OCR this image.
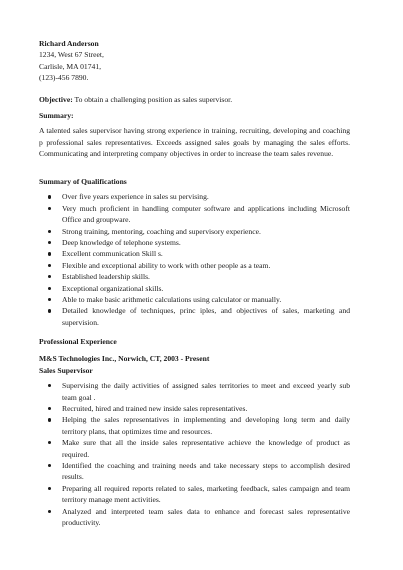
Richard Anderson

1234, West 67 Street,

Carlisle, MA 01741,

(123)-456 7890.

Objective: To obtain a challenging position as sales supervisor.

Summary:

A talented sales supervisor having strong experience in training, recruiting, developing and coaching p professional sales representatives. Exceeds assigned sales goals by managing the sales efforts. Communicating and interpreting company objectives in order to increase the team sales revenue.

Summary of Qualifications

Over five years experience in sales su pervising.
Very much proficient in handling computer software and applications including Microsoft Office and groupware.
Strong training, mentoring, coaching and supervisory experience.
Deep knowledge of telephone systems.
Excellent communication Skill s.
Flexible and exceptional ability to work with other people as a team.
Established leadership skills.
Exceptional organizational skills.
Able to make basic arithmetic calculations using calculator or manually.
Detailed knowledge of techniques, princ iples, and objectives of sales, marketing and supervision.

Professional Experience

M&S Technologies Inc., Norwich, CT, 2003 - Present

Sales Supervisor

Supervising the daily activities of assigned sales territories to meet and exceed yearly sub team goal .
Recruited, hired and trained new inside sales representatives.
Helping the sales representatives in implementing and developing long term and daily territory plans, that optimizes time and resources.
Make sure that all the inside sales representative achieve the knowledge of product as required.
Identified the coaching and training needs and take necessary steps to accomplish desired results.
Preparing all required reports related to sales, marketing feedback, sales campaign and team territory manage ment activities.
Analyzed and interpreted team sales data to enhance and forecast sales representative productivity.
